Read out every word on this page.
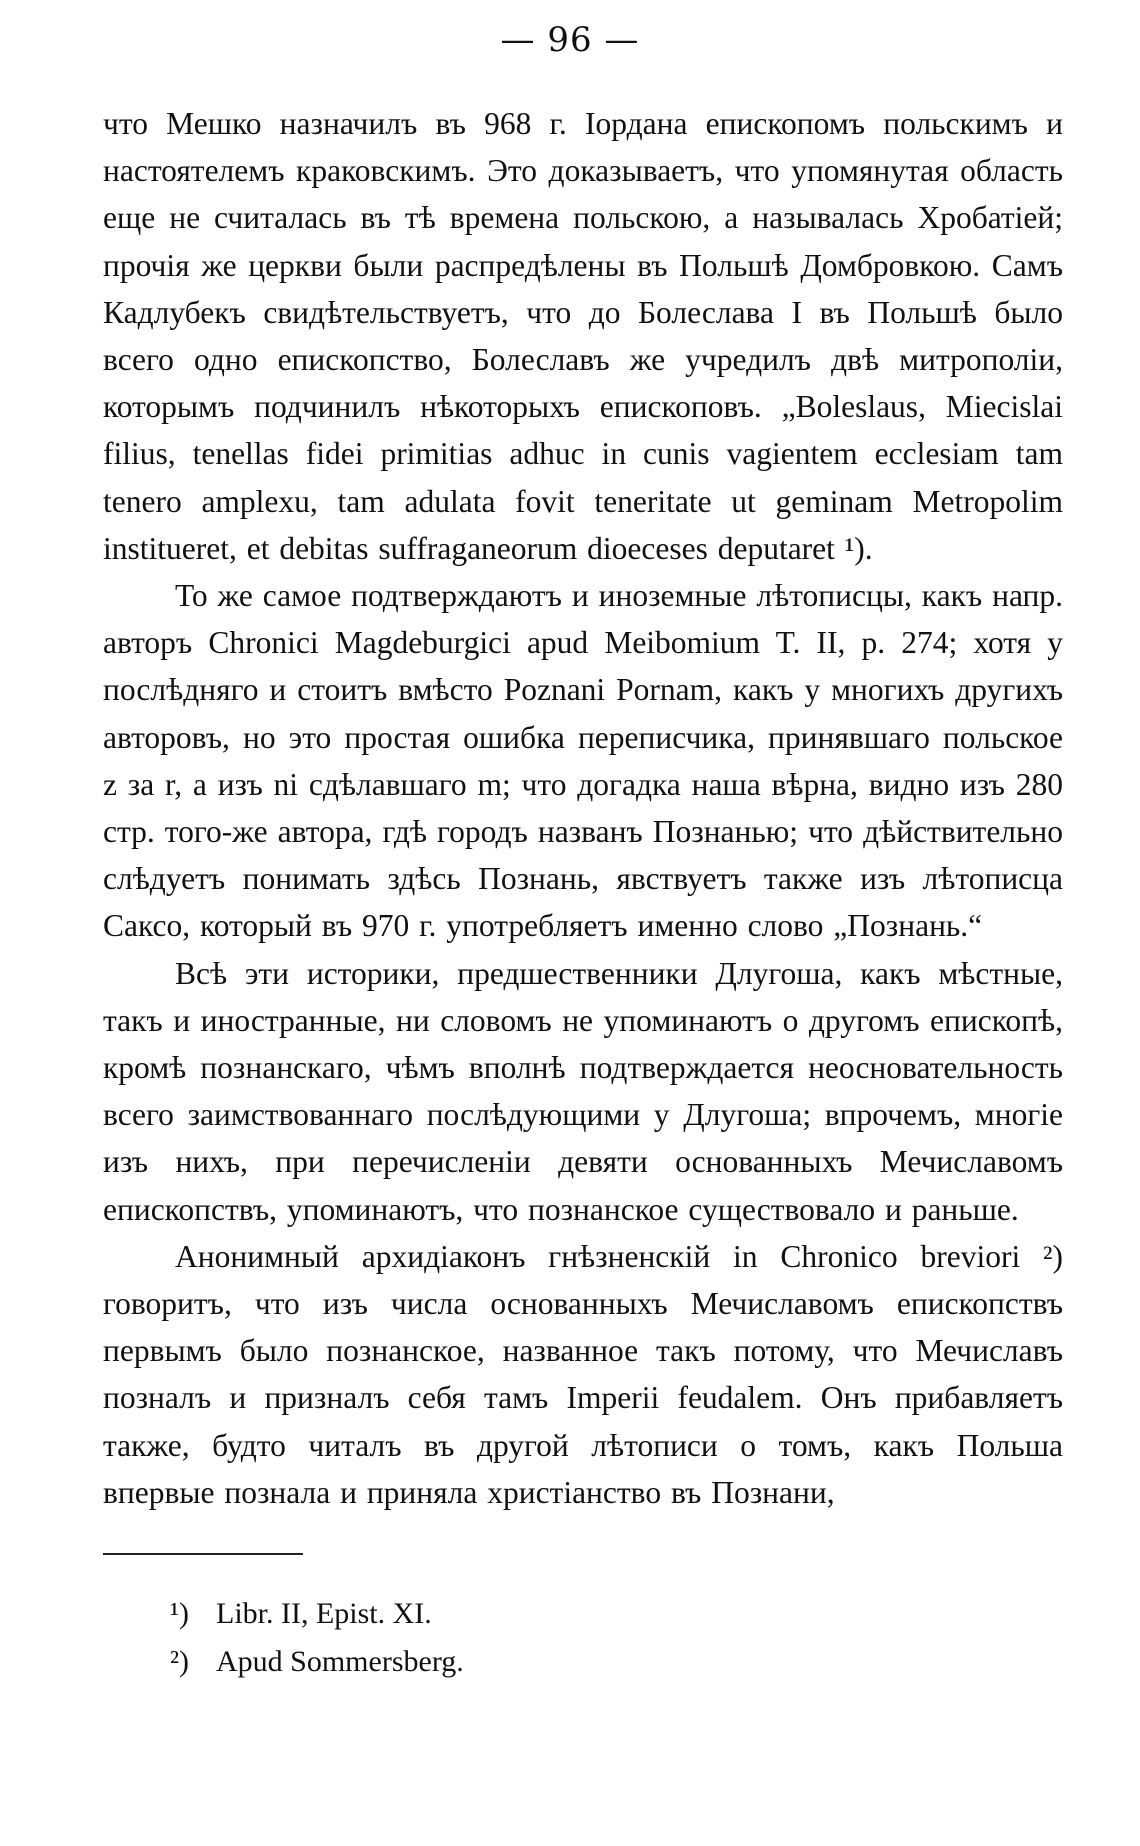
— 96 —

что Мешко назначилъ въ 968 г. Іордана епископомъ польскимъ и настоятелемъ краковскимъ. Это доказываетъ, что упомянутая область еще не считалась въ тѣ времена польскою, а называлась Хробатіей; прочія же церкви были распредѣлены въ Польшѣ Домбровкою. Самъ Кадлубекъ свидѣтельствуетъ, что до Болеслава I въ Польшѣ было всего одно епископство, Болеславъ же учредилъ двѣ митрополіи, которымъ подчинилъ нѣкоторыхъ епископовъ. „Boleslaus, Miecislai filius, tenellas fidei primitias adhuc in cunis vagientem ecclesiam tam tenero amplexu, tam adulata fovit teneritate ut geminam Metropolim institueret, et debitas suffraganeorum dioeceses deputaret ¹).

То же самое подтверждаютъ и иноземные лѣтописцы, какъ напр. авторъ Chronici Magdeburgici apud Meibomium T. II, p. 274; хотя у послѣдняго и стоитъ вмѣсто Poznani Pornam, какъ у многихъ другихъ авторовъ, но это простая ошибка переписчика, принявшаго польское z за r, а изъ ni сдѣлавшаго m; что догадка наша вѣрна, видно изъ 280 стр. того-же автора, гдѣ городъ названъ Познанью; что дѣйствительно слѣдуетъ понимать здѣсь Познань, явствуетъ также изъ лѣтописца Саксо, который въ 970 г. употребляетъ именно слово „Познань.“

Всѣ эти историки, предшественники Длугоша, какъ мѣстные, такъ и иностранные, ни словомъ не упоминаютъ о другомъ епископѣ, кромѣ познанскаго, чѣмъ вполнѣ подтверждается неосновательность всего заимствованнаго послѣдующими у Длугоша; впрочемъ, многіе изъ нихъ, при перечисленіи девяти основанныхъ Мечиславомъ епископствъ, упоминаютъ, что познанское существовало и раньше.

Анонимный архидіаконъ гнѣзненскій in Chronico breviori ²) говоритъ, что изъ числа основанныхъ Мечиславомъ епископствъ первымъ было познанское, названное такъ потому, что Мечиславъ позналъ и призналъ себя тамъ Imperii feudalem. Онъ прибавляетъ также, будто читалъ въ другой лѣтописи о томъ, какъ Польша впервые познала и приняла христіанство въ Познани,

¹) Libr. II, Epist. XI.

²) Apud Sommersberg.
